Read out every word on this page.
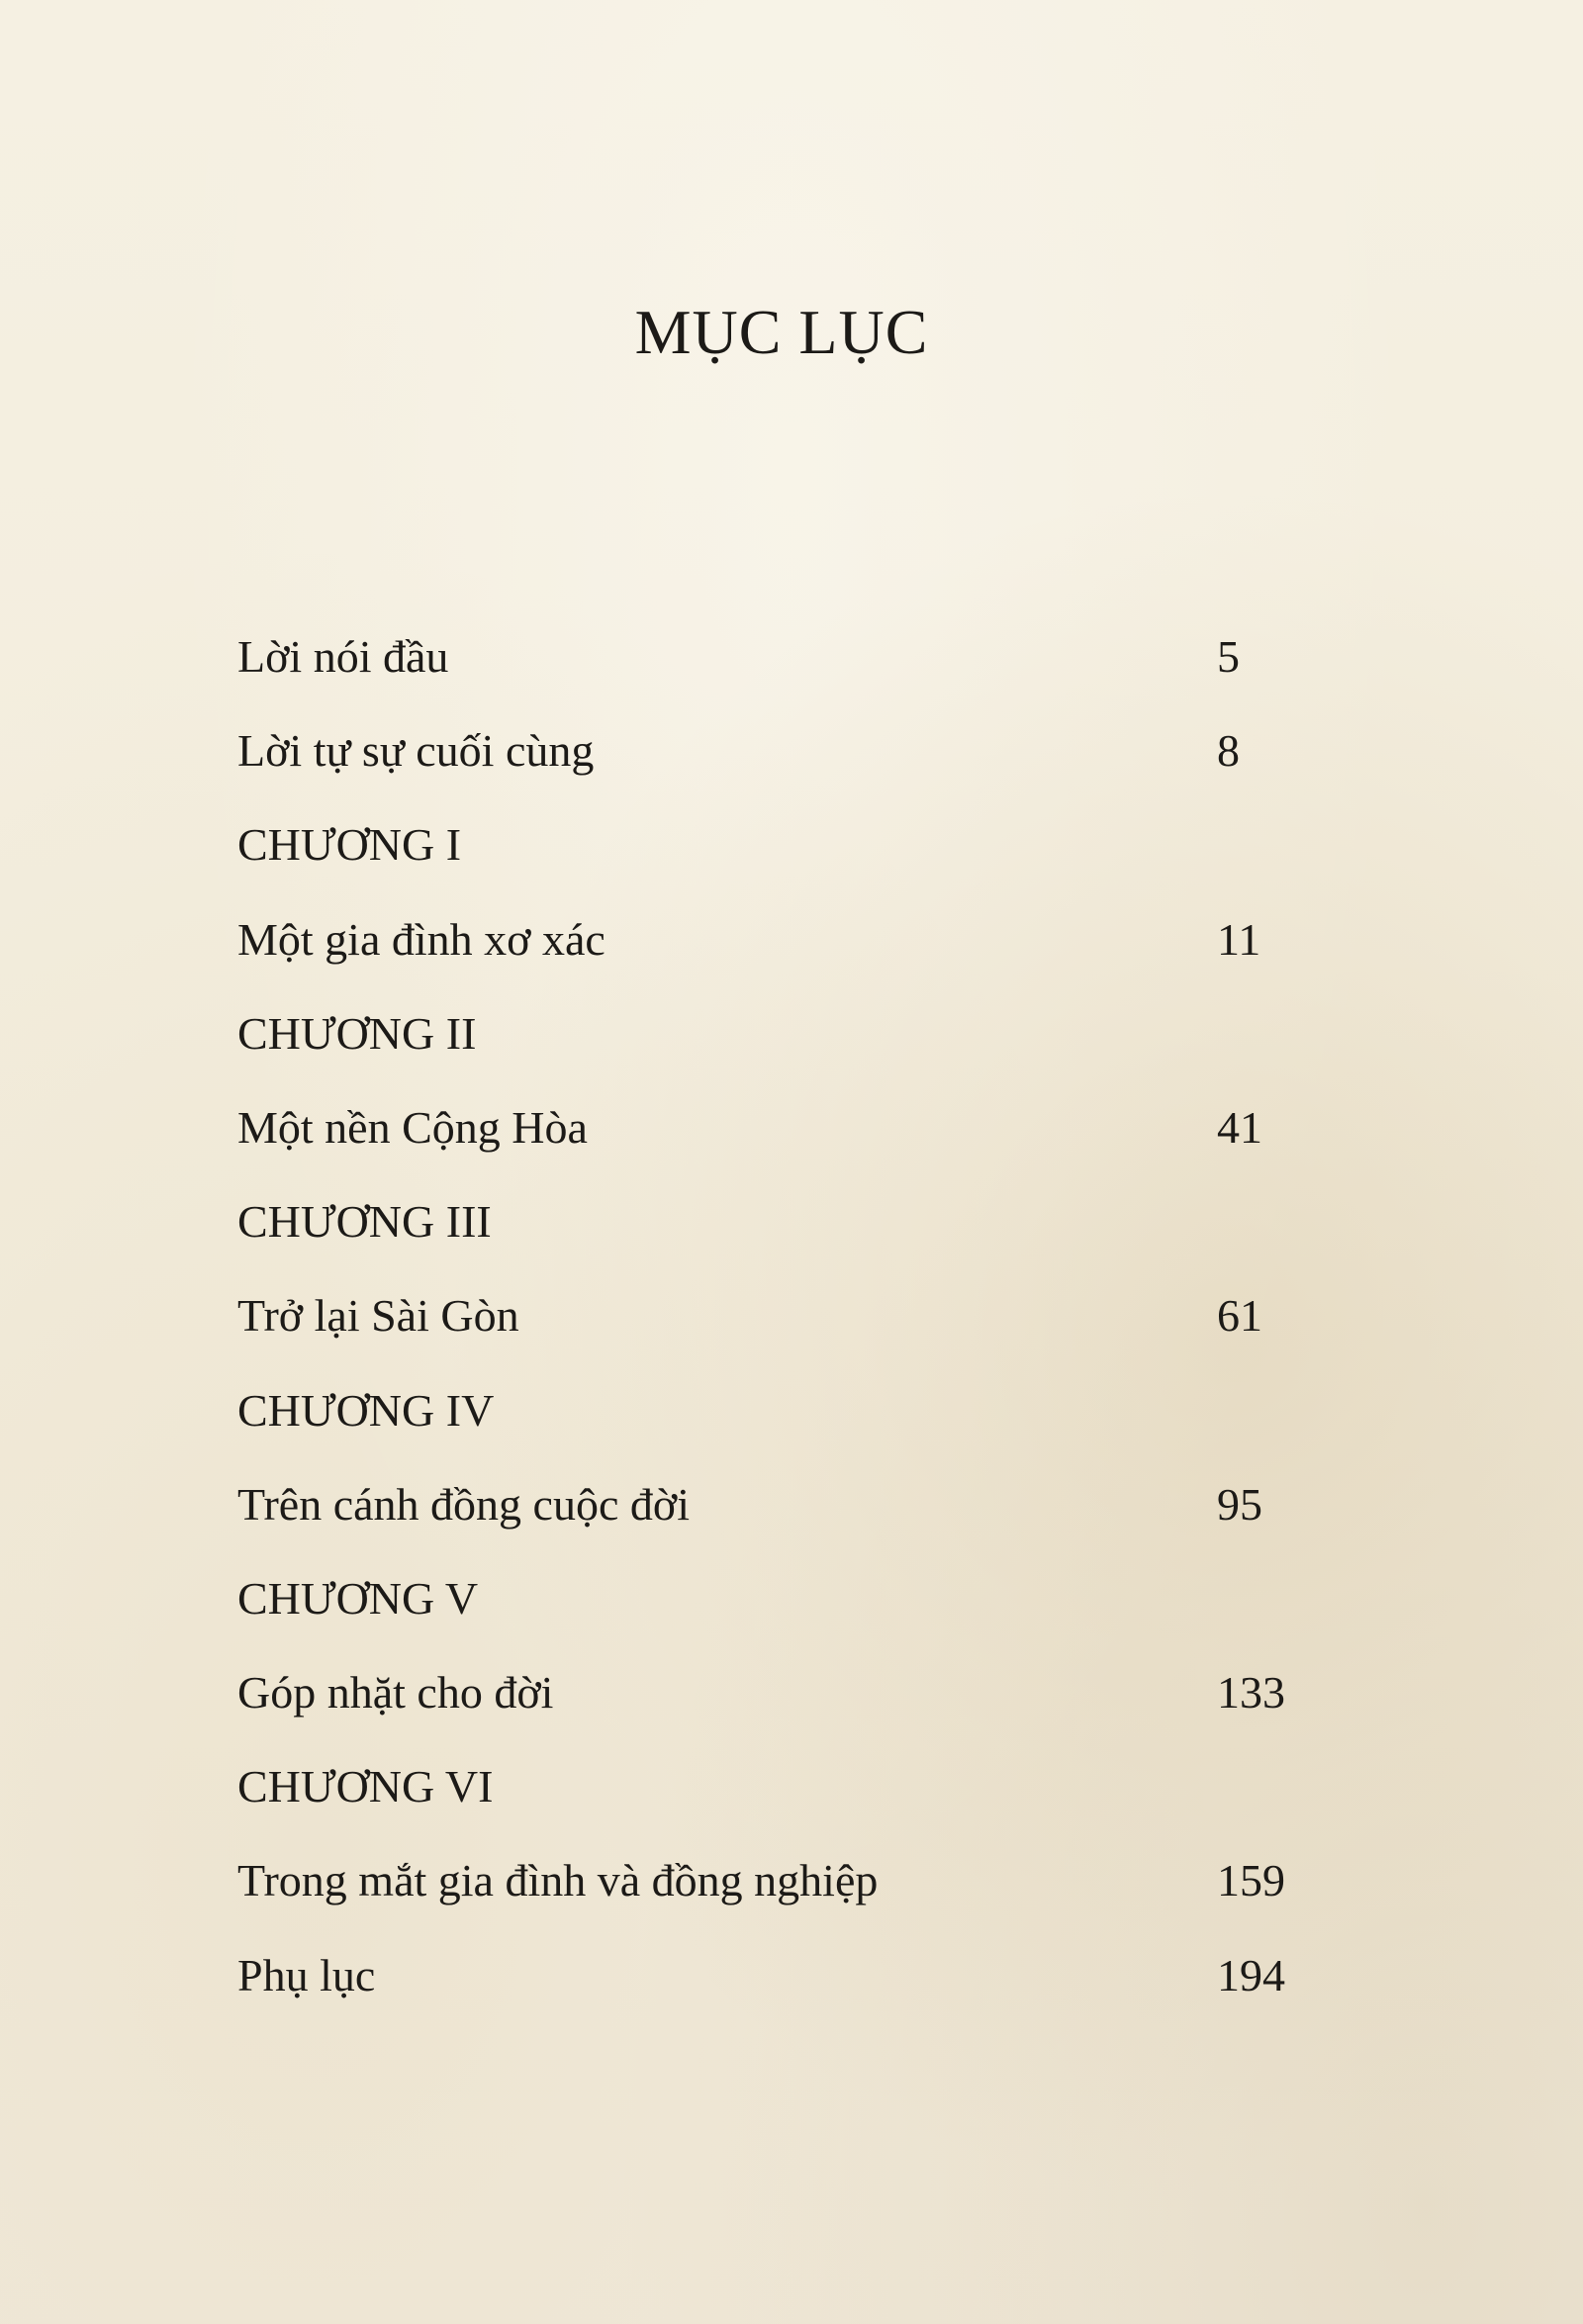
MỤC LỤC
Lời nói đầu	5
Lời tự sự cuối cùng	8
CHƯƠNG I
Một gia đình xơ xác	11
CHƯƠNG II
Một nền Cộng Hòa	41
CHƯƠNG III
Trở lại Sài Gòn	61
CHƯƠNG IV
Trên cánh đồng cuộc đời	95
CHƯƠNG V
Góp nhặt cho đời	133
CHƯƠNG VI
Trong mắt gia đình và đồng nghiệp	159
Phụ lục	194
